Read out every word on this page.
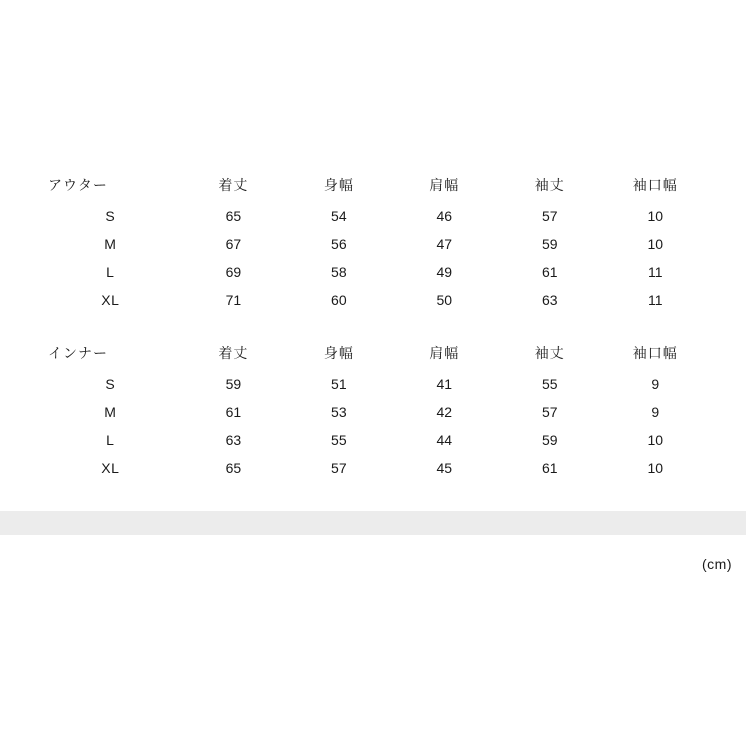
アウター	着丈	身幅	肩幅	袖丈	袖口幅
S	65	54	46	57	10
M	67	56	47	59	10
L	69	58	49	61	11
XL	71	60	50	63	11

インナー	着丈	身幅	肩幅	袖丈	袖口幅
S	59	51	41	55	9
M	61	53	42	57	9
L	63	55	44	59	10
XL	65	57	45	61	10
(cm)
